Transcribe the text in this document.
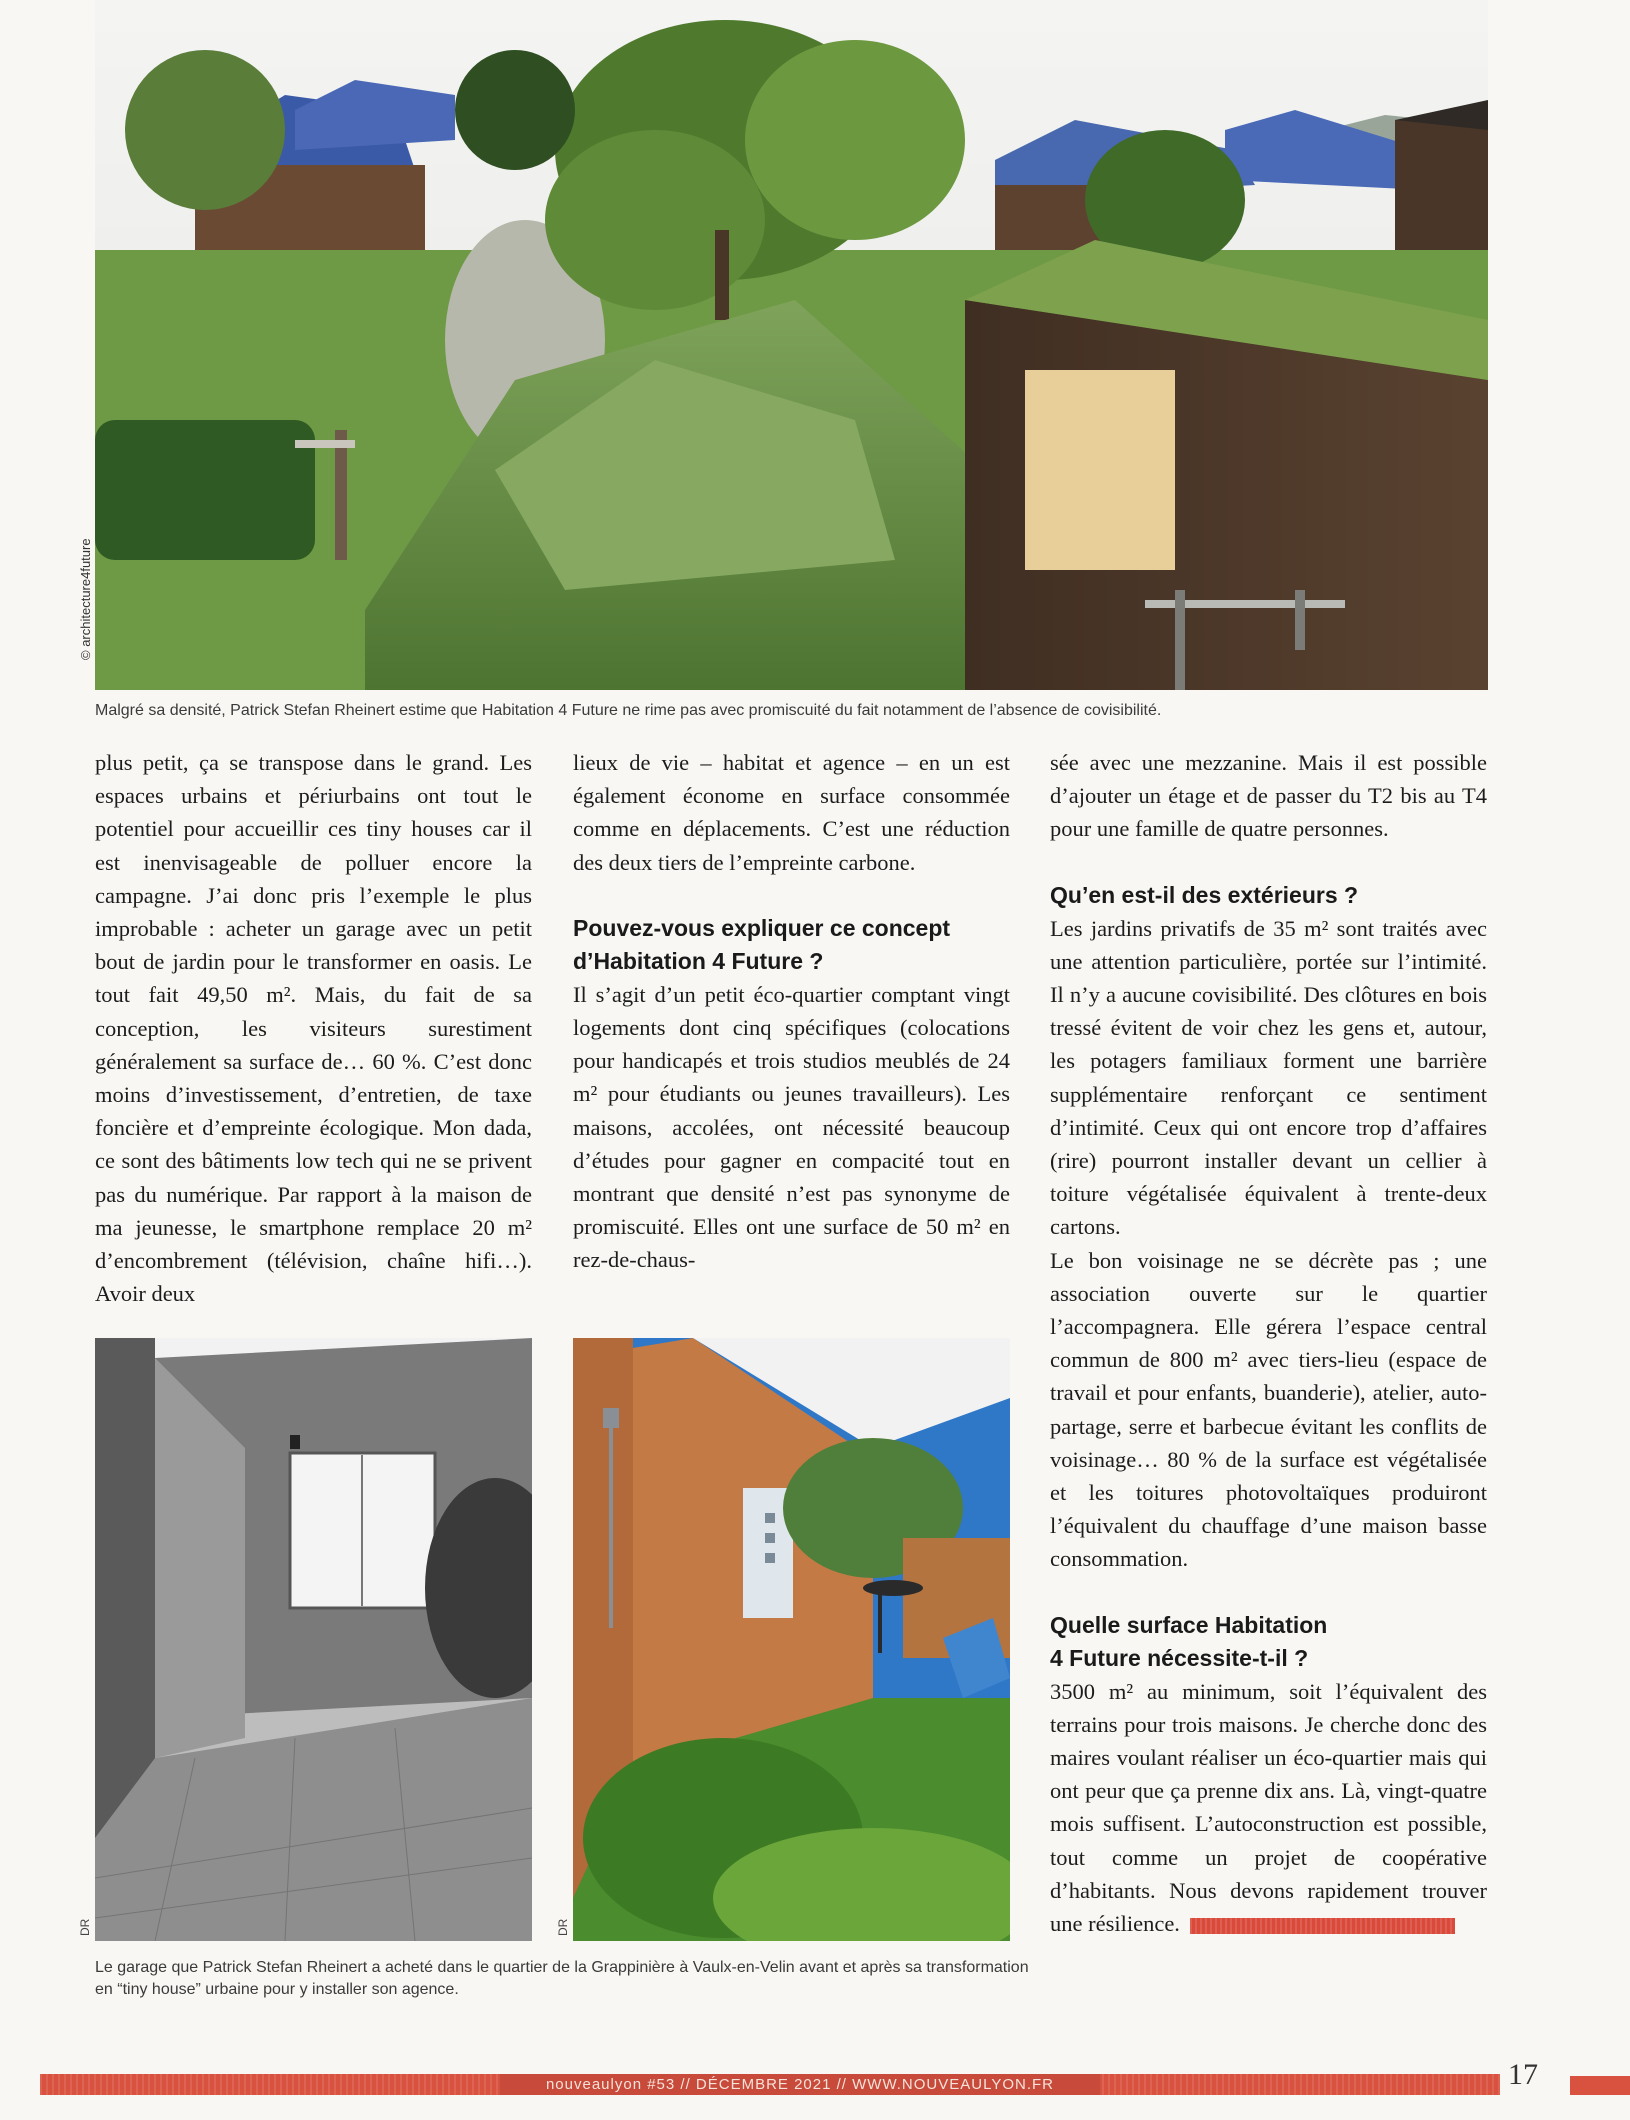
© architecture4future
Malgré sa densité, Patrick Stefan Rheinert estime que Habitation 4 Future ne rime pas avec promiscuité du fait notamment de l’absence de covisibilité.

plus petit, ça se transpose dans le grand. Les espaces urbains et périurbains ont tout le potentiel pour accueillir ces tiny houses car il est inenvisageable de polluer encore la campagne. J’ai donc pris l’exemple le plus improbable : acheter un garage avec un petit bout de jardin pour le transformer en oasis. Le tout fait 49,50 m². Mais, du fait de sa conception, les visiteurs surestiment généralement sa surface de… 60 %. C’est donc moins d’investissement, d’entretien, de taxe foncière et d’empreinte écologique. Mon dada, ce sont des bâtiments low tech qui ne se privent pas du numérique. Par rapport à la maison de ma jeunesse, le smartphone remplace 20 m² d’encombrement (télévision, chaîne hifi…). Avoir deux

lieux de vie – habitat et agence – en un est également économe en surface consommée comme en déplacements. C’est une réduction des deux tiers de l’empreinte carbone.

Pouvez-vous expliquer ce concept d’Habitation 4 Future ?

Il s’agit d’un petit éco-quartier comptant vingt logements dont cinq spécifiques (colocations pour handicapés et trois studios meublés de 24 m² pour étudiants ou jeunes travailleurs). Les maisons, accolées, ont nécessité beaucoup d’études pour gagner en compacité tout en montrant que densité n’est pas synonyme de promiscuité. Elles ont une surface de 50 m² en rez-de-chaus-

sée avec une mezzanine. Mais il est possible d’ajouter un étage et de passer du T2 bis au T4 pour une famille de quatre personnes.

Qu’en est-il des extérieurs ?

Les jardins privatifs de 35 m² sont traités avec une attention particulière, portée sur l’intimité. Il n’y a aucune covisibilité. Des clôtures en bois tressé évitent de voir chez les gens et, autour, les potagers familiaux forment une barrière supplémentaire renforçant ce sentiment d’intimité. Ceux qui ont encore trop d’affaires (rire) pourront installer devant un cellier à toiture végétalisée équivalent à trente-deux cartons.

Le bon voisinage ne se décrète pas ; une association ouverte sur le quartier l’accompagnera. Elle gérera l’espace central commun de 800 m² avec tiers-lieu (espace de travail et pour enfants, buanderie), atelier, auto-partage, serre et barbecue évitant les conflits de voisinage… 80 % de la surface est végétalisée et les toitures photovoltaïques produiront l’équivalent du chauffage d’une maison basse consommation.

Quelle surface Habitation
4 Future nécessite-t-il ?

3500 m² au minimum, soit l’équivalent des terrains pour trois maisons. Je cherche donc des maires voulant réaliser un éco-quartier mais qui ont peur que ça prenne dix ans. Là, vingt-quatre mois suffisent. L’autoconstruction est possible, tout comme un projet de coopérative d’habitants. Nous devons rapidement trouver une résilience.

DR	DR
Le garage que Patrick Stefan Rheinert a acheté dans le quartier de la Grappinière à Vaulx-en-Velin avant et après sa transformation en “tiny house” urbaine pour y installer son agence.
nouveaulyon #53 // DÉCEMBRE 2021 // WWW.NOUVEAULYON.FR	17
